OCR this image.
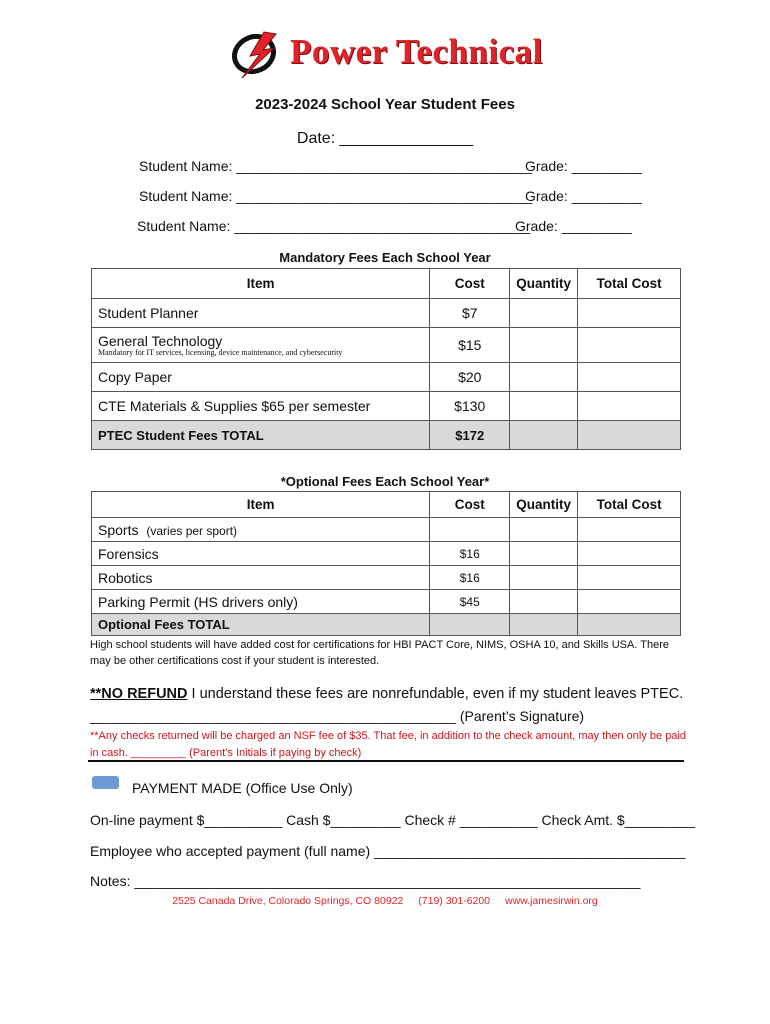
Power Technical
2023-2024 School Year Student Fees
Date: _______________
Student Name: ______________________________________
Grade: _________
Student Name: ______________________________________
Grade: _________
Student Name: ______________________________________
Grade: _________
Mandatory Fees Each School Year
Item	Cost	Quantity	Total Cost
Student Planner	$7		
General Technology
Mandatory for IT services, licensing, device maintenance, and cybersecurity	$15		
Copy Paper	$20		
CTE Materials & Supplies $65 per semester	$130		
PTEC Student Fees TOTAL	$172		
*Optional Fees Each School Year*
Item	Cost	Quantity	Total Cost
Sports (varies per sport)			
Forensics	$16		
Robotics	$16		
Parking Permit (HS drivers only)	$45		
Optional Fees TOTAL			
High school students will have added cost for certifications for HBI PACT Core, NIMS, OSHA 10, and Skills USA. There may be other certifications cost if your student is interested.
**NO REFUND I understand these fees are nonrefundable, even if my student leaves PTEC.
_______________________________________________ (Parent’s Signature)
**Any checks returned will be charged an NSF fee of $35. That fee, in addition to the check amount, may then only be paid in cash. _________ (Parent’s Initials if paying by check)
PAYMENT MADE (Office Use Only)
On-line payment $__________ Cash $_________ Check # __________ Check Amt. $_________
Employee who accepted payment (full name) ________________________________________
Notes: _________________________________________________________________
2525 Canada Drive, Colorado Springs, CO 80922 (719) 301-6200 www.jamesirwin.org
